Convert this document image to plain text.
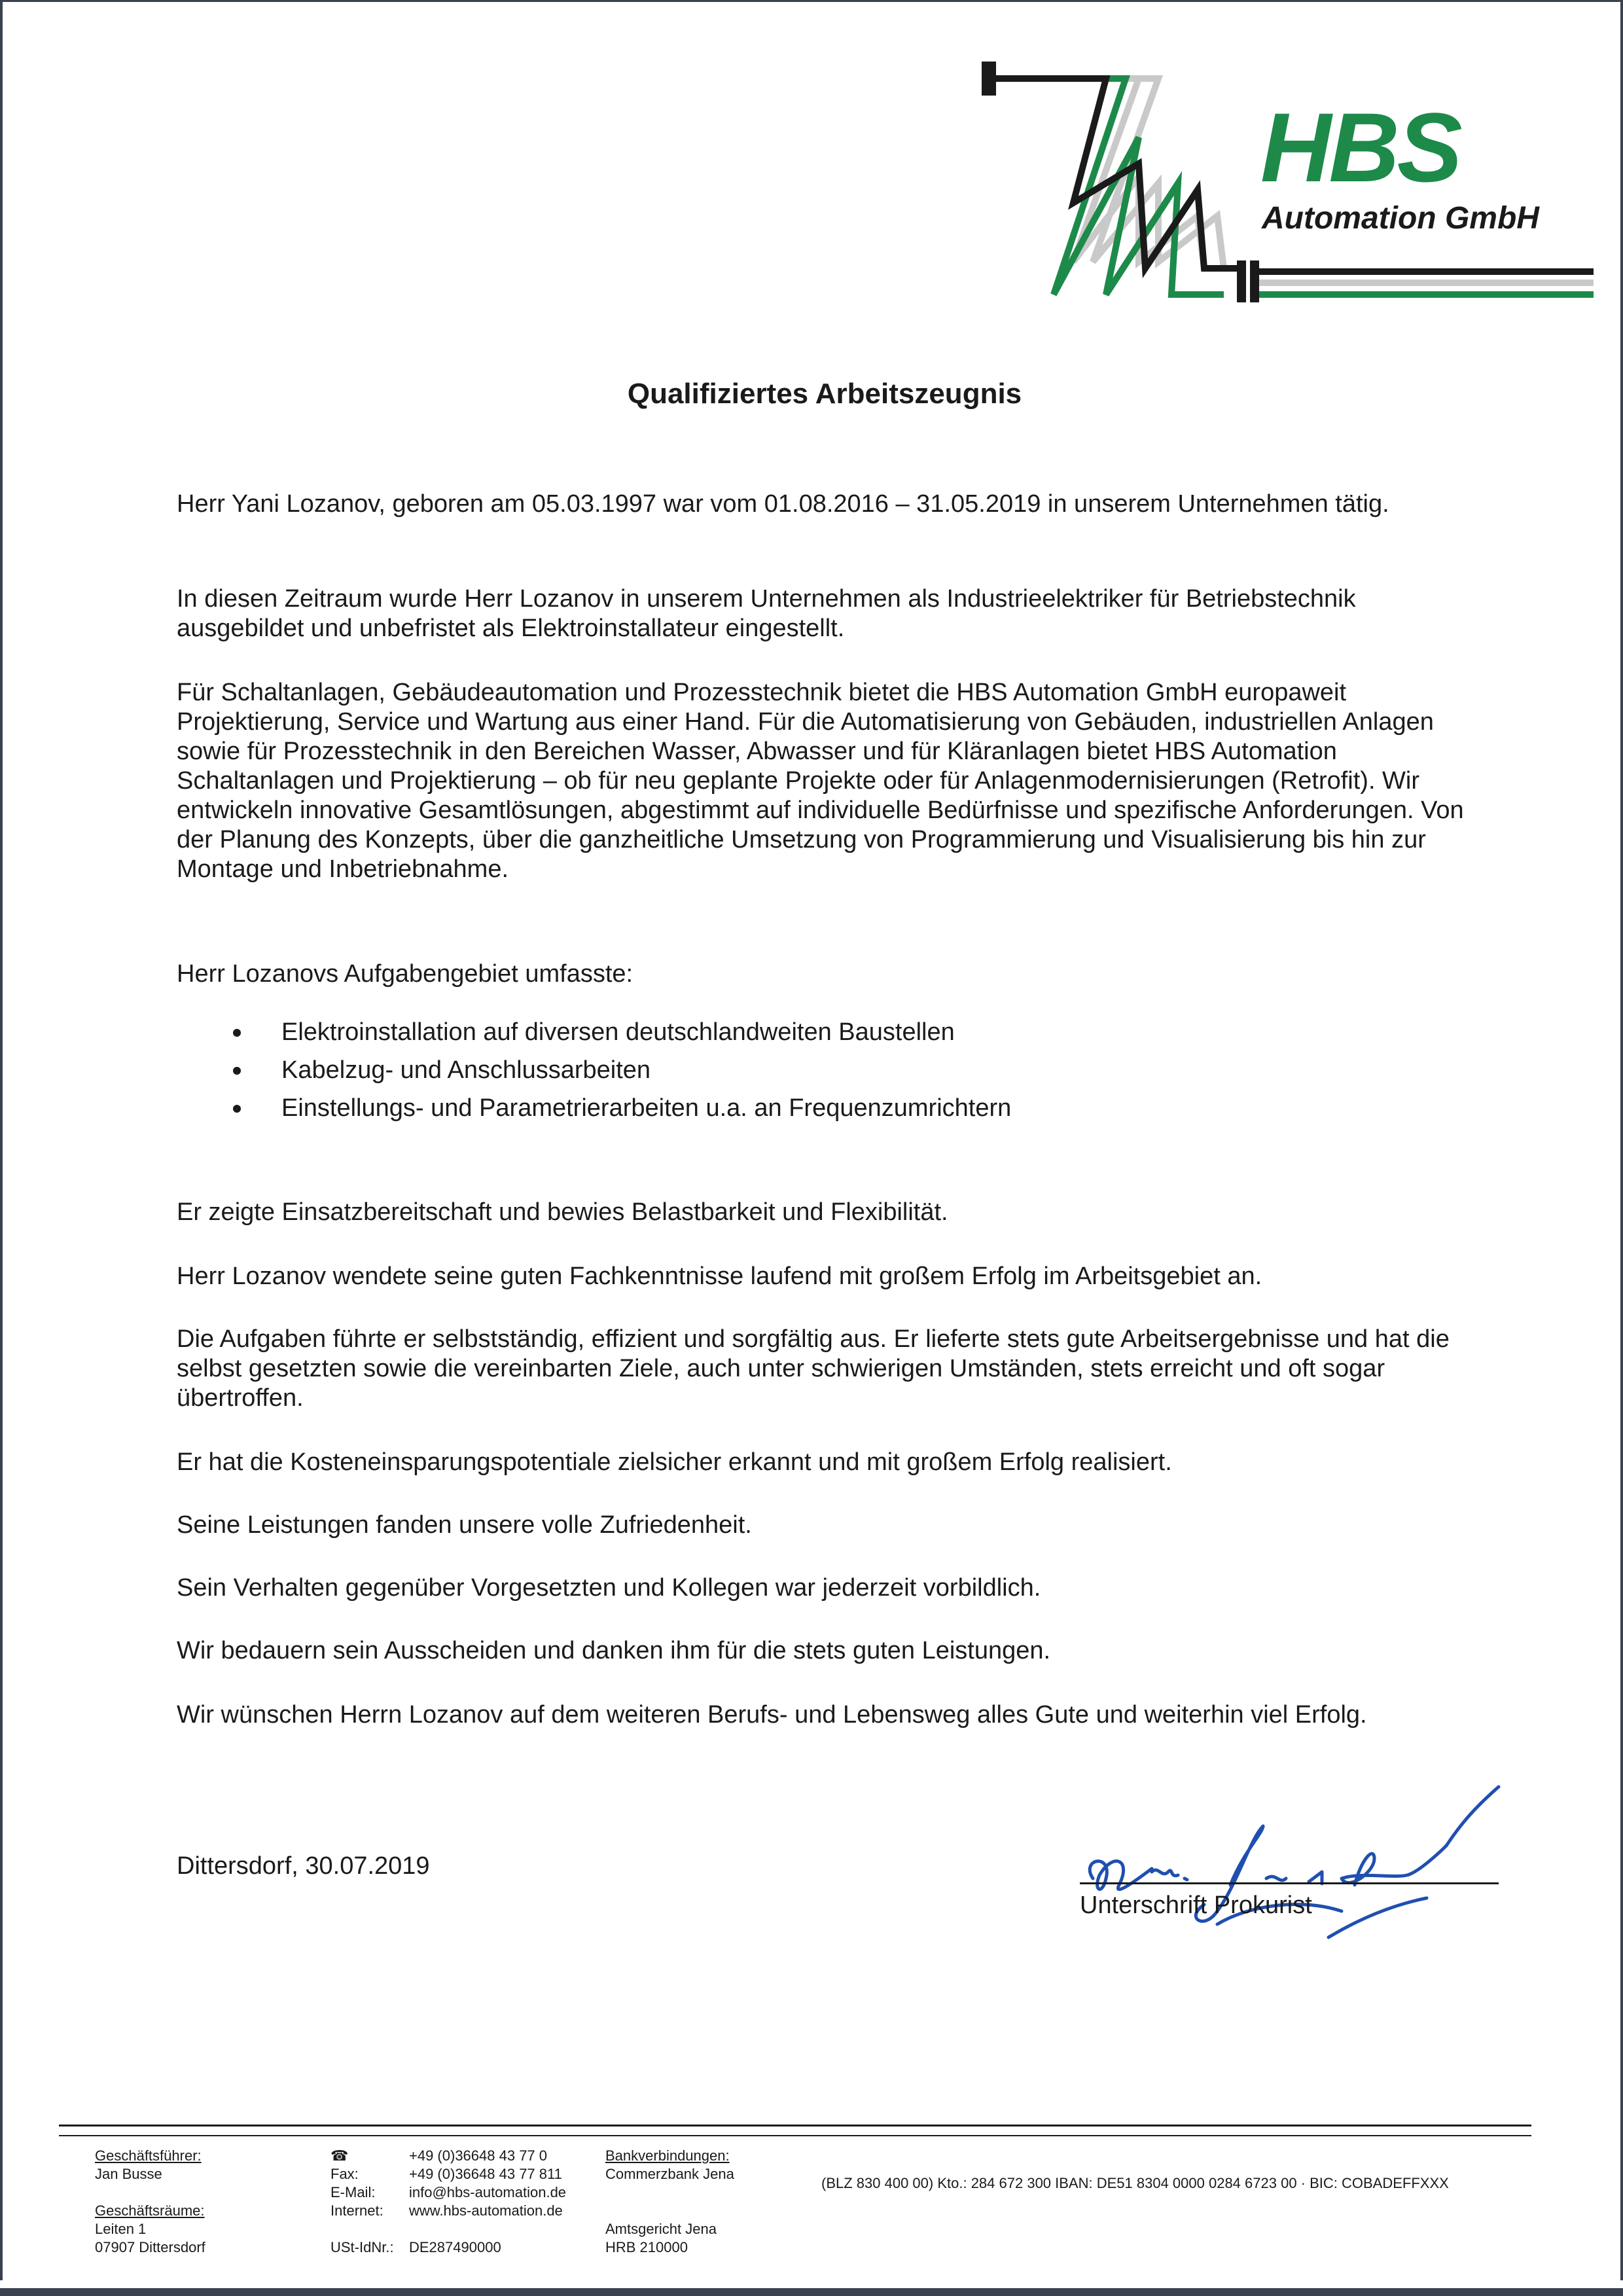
HBS
Automation GmbH
Qualifiziertes Arbeitszeugnis

Herr Yani Lozanov, geboren am 05.03.1997 war vom 01.08.2016 – 31.05.2019 in unserem Unternehmen tätig.

In diesen Zeitraum wurde Herr Lozanov in unserem Unternehmen als Industrieelektriker für Betriebstechnik ausgebildet und unbefristet als Elektroinstallateur eingestellt.

Für Schaltanlagen, Gebäudeautomation und Prozesstechnik bietet die HBS Automation GmbH europaweit Projektierung, Service und Wartung aus einer Hand. Für die Automatisierung von Gebäuden, industriellen Anlagen sowie für Prozesstechnik in den Bereichen Wasser, Abwasser und für Kläranlagen bietet HBS Automation Schaltanlagen und Projektierung – ob für neu geplante Projekte oder für Anlagenmodernisierungen (Retrofit). Wir entwickeln innovative Gesamtlösungen, abgestimmt auf individuelle Bedürfnisse und spezifische Anforderungen. Von der Planung des Konzepts, über die ganzheitliche Umsetzung von Programmierung und Visualisierung bis hin zur Montage und Inbetriebnahme.

Herr Lozanovs Aufgabengebiet umfasste:

Elektroinstallation auf diversen deutschlandweiten Baustellen
Kabelzug- und Anschlussarbeiten
Einstellungs- und Parametrierarbeiten u.a. an Frequenzumrichtern

Er zeigte Einsatzbereitschaft und bewies Belastbarkeit und Flexibilität.

Herr Lozanov wendete seine guten Fachkenntnisse laufend mit großem Erfolg im Arbeitsgebiet an.

Die Aufgaben führte er selbstständig, effizient und sorgfältig aus. Er lieferte stets gute Arbeitsergebnisse und hat die selbst gesetzten sowie die vereinbarten Ziele, auch unter schwierigen Umständen, stets erreicht und oft sogar übertroffen.

Er hat die Kosteneinsparungspotentiale zielsicher erkannt und mit großem Erfolg realisiert.

Seine Leistungen fanden unsere volle Zufriedenheit.

Sein Verhalten gegenüber Vorgesetzten und Kollegen war jederzeit vorbildlich.

Wir bedauern sein Ausscheiden und danken ihm für die stets guten Leistungen.

Wir wünschen Herrn Lozanov auf dem weiteren Berufs- und Lebensweg alles Gute und weiterhin viel Erfolg.

Dittersdorf, 30.07.2019
Unterschrift Prokurist
Geschäftsführer:
Jan Busse
Geschäftsräume:
Leiten 1
07907 Dittersdorf
☎	+49 (0)36648 43 77 0
Fax:	+49 (0)36648 43 77 811
E-Mail:	info@hbs-automation.de
Internet:	www.hbs-automation.de
USt-IdNr.:	DE287490000
Bankverbindungen:
Commerzbank Jena
Amtsgericht Jena
HRB 210000
(BLZ 830 400 00) Kto.: 284 672 300 IBAN: DE51 8304 0000 0284 6723 00 · BIC: COBADEFFXXX
